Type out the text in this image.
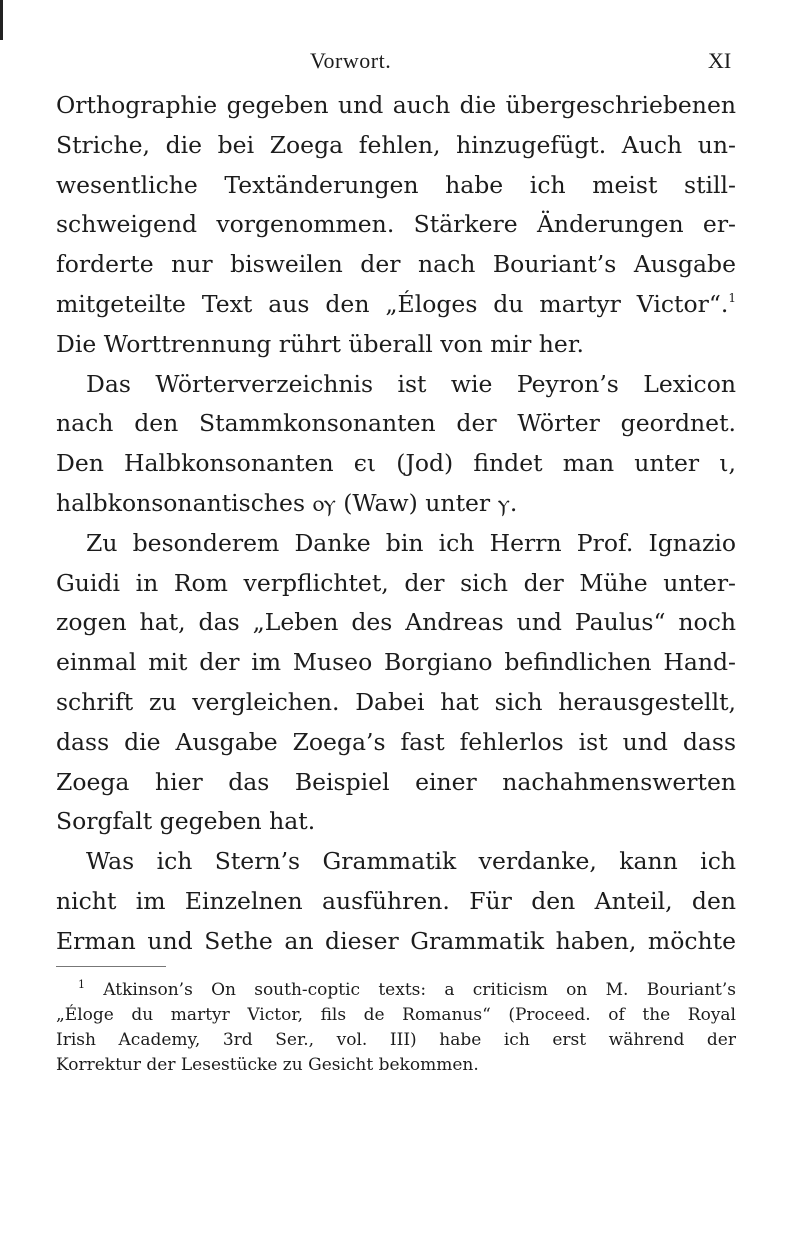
Vorwort.	XI
Orthographie gegeben und auch die übergeschriebenen
Striche, die bei Zoega fehlen, hinzugefügt. Auch un-
wesentliche Textänderungen habe ich meist still-
schweigend vorgenommen. Stärkere Änderungen er-
forderte nur bisweilen der nach Bouriant’s Ausgabe
mitgeteilte Text aus den „Éloges du martyr Victor“.$^1$
Die Worttrennung rührt überall von mir her.
Das Wörterverzeichnis ist wie Peyron’s Lexicon
nach den Stammkonsonanten der Wörter geordnet.
Den Halbkonsonanten ϵι (Jod) findet man unter ι,
halbkonsonantisches ⲟⲩ (Waw) unter ⲩ.
Zu besonderem Danke bin ich Herrn Prof. Ignazio
Guidi in Rom verpflichtet, der sich der Mühe unter-
zogen hat, das „Leben des Andreas und Paulus“ noch
einmal mit der im Museo Borgiano befindlichen Hand-
schrift zu vergleichen. Dabei hat sich herausgestellt,
dass die Ausgabe Zoega’s fast fehlerlos ist und dass
Zoega hier das Beispiel einer nachahmenswerten
Sorgfalt gegeben hat.
Was ich Stern’s Grammatik verdanke, kann ich
nicht im Einzelnen ausführen. Für den Anteil, den
Erman und Sethe an dieser Grammatik haben, möchte
$^1$ Atkinson’s On south-coptic texts: a criticism on M. Bouriant’s
„Éloge du martyr Victor, fils de Romanus“ (Proceed. of the Royal
Irish Academy, 3rd Ser., vol. III) habe ich erst während der
Korrektur der Lesestücke zu Gesicht bekommen.
